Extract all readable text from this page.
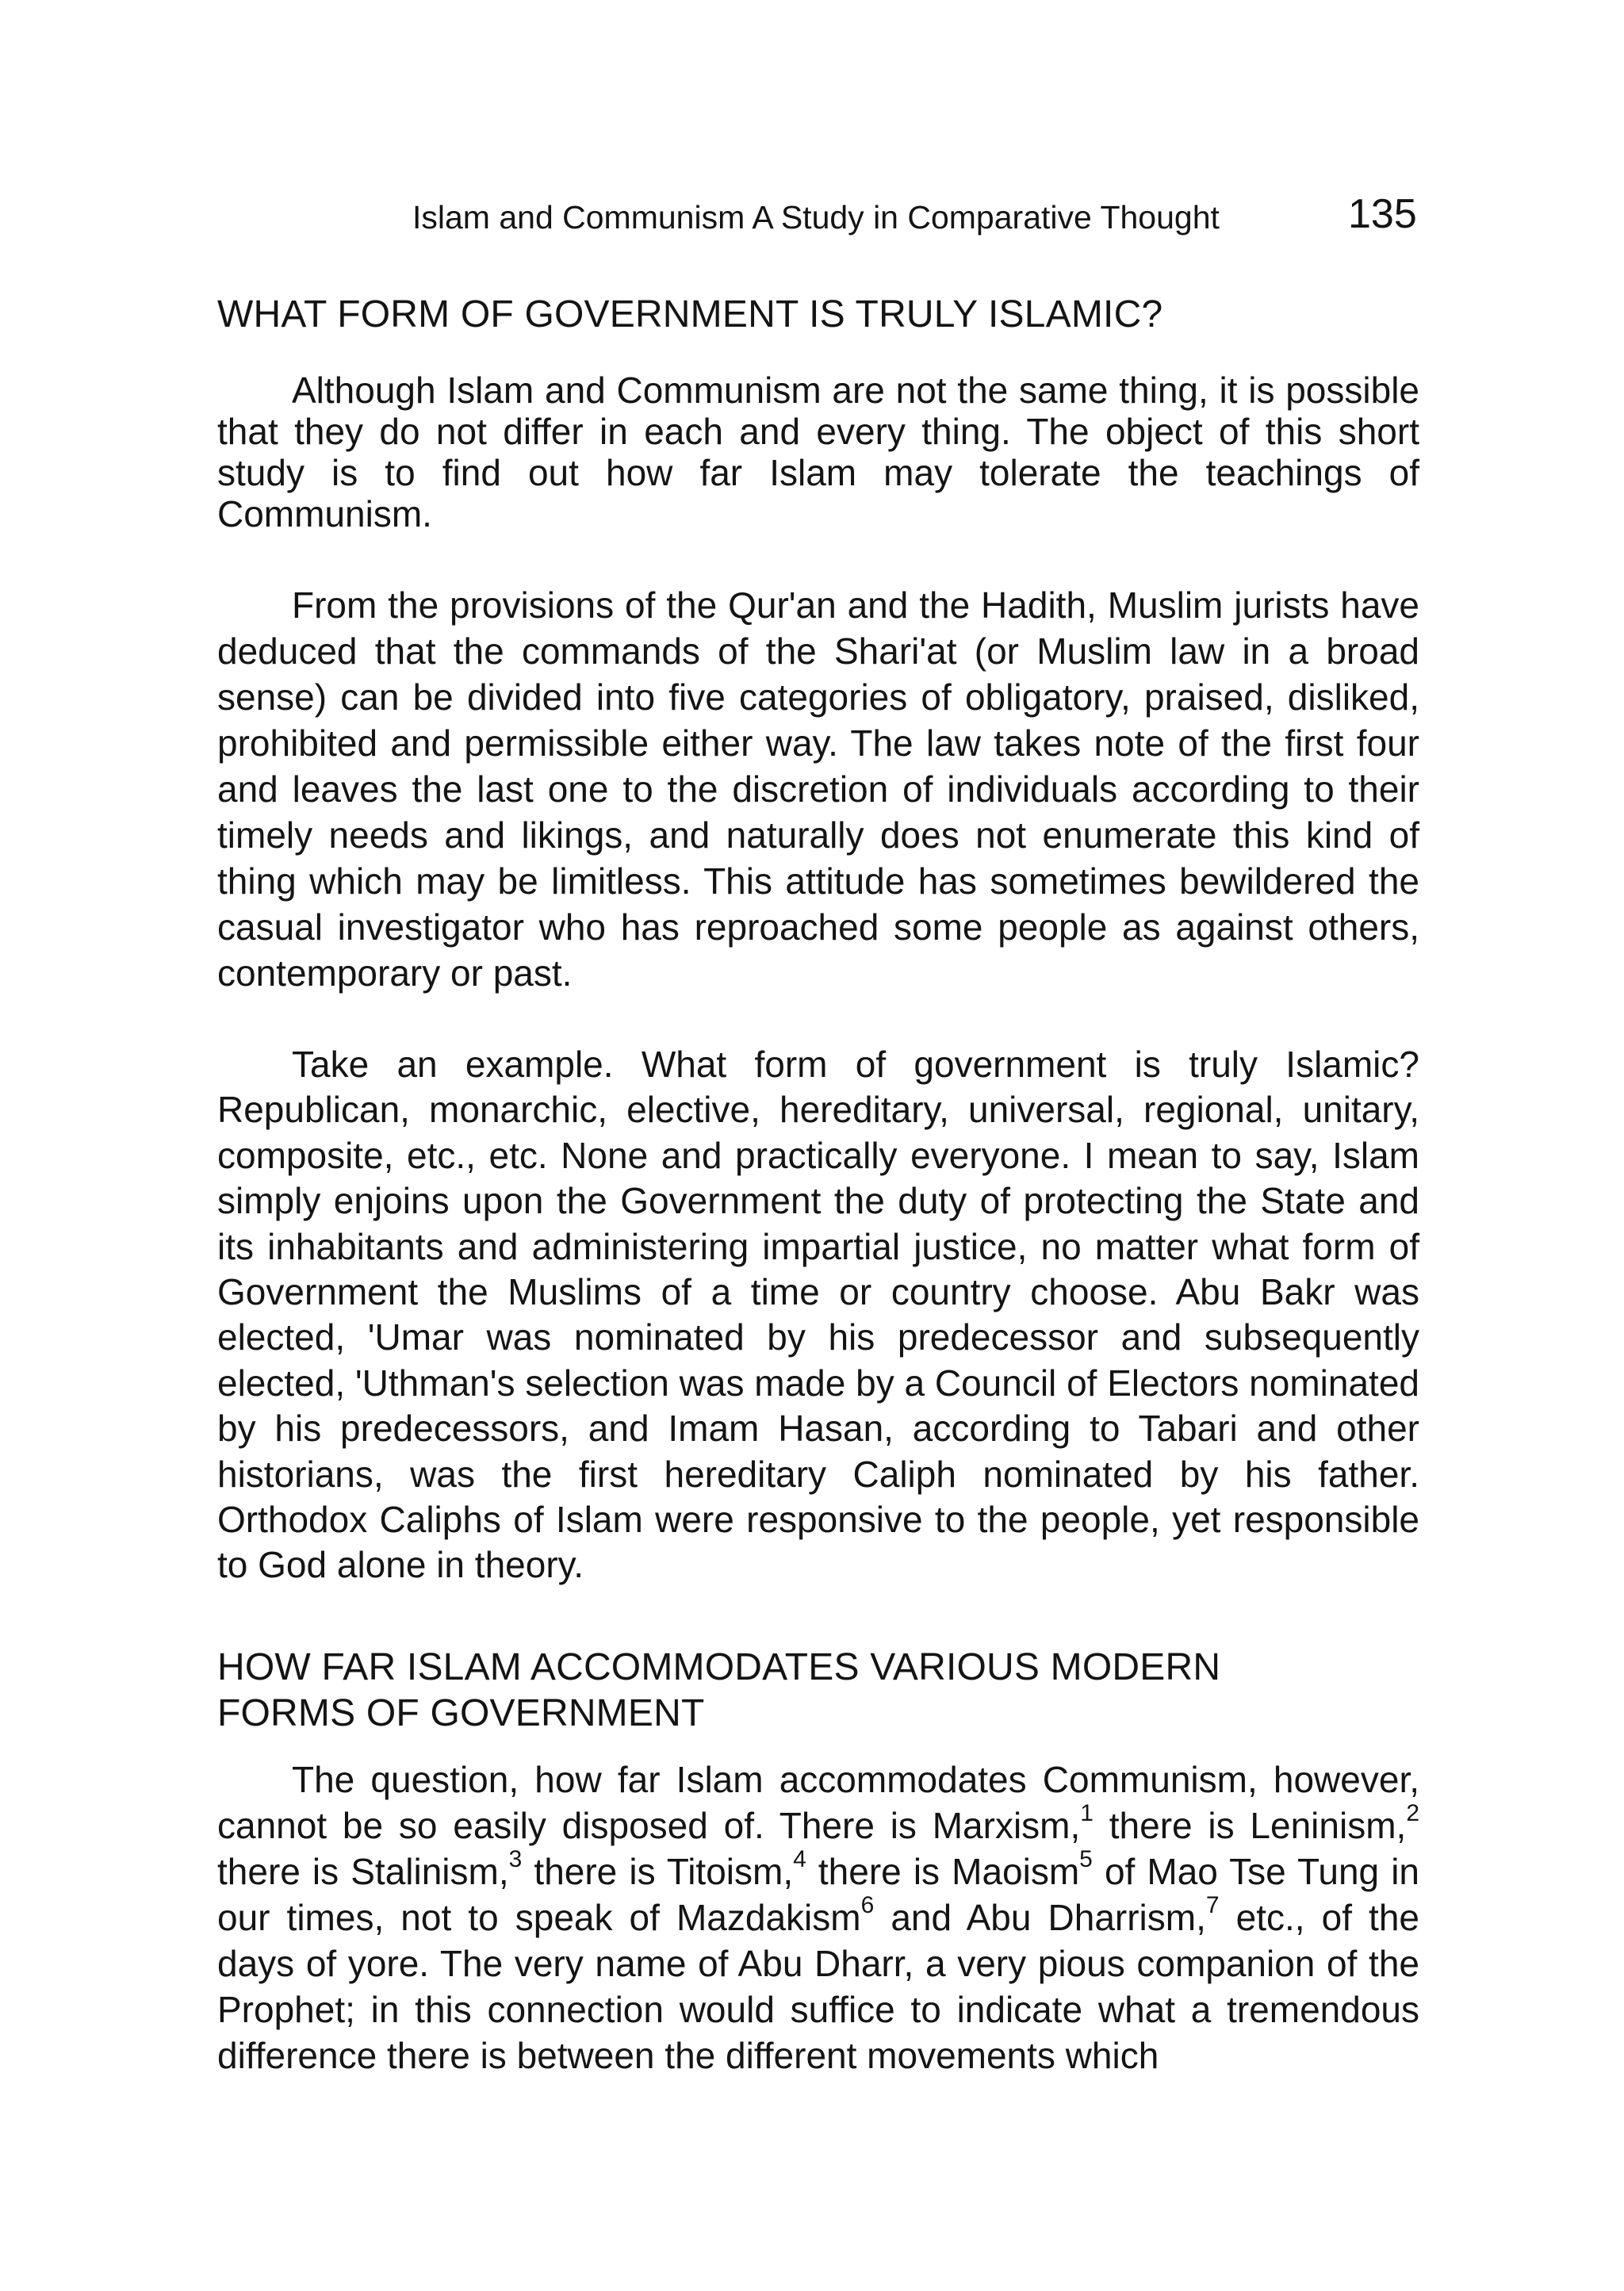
Islam and Communism A Study in Comparative Thought	135
WHAT FORM OF GOVERNMENT IS TRULY ISLAMIC?

Although Islam and Communism are not the same thing, it is possible that they do not differ in each and every thing. The object of this short study is to find out how far Islam may tolerate the teachings of Communism.

From the provisions of the Qur'an and the Hadith, Muslim jurists have deduced that the commands of the Shari'at (or Muslim law in a broad sense) can be divided into five categories of obligatory, praised, disliked, prohibited and permissible either way. The law takes note of the first four and leaves the last one to the discretion of individuals according to their timely needs and likings, and naturally does not enumerate this kind of thing which may be limitless. This attitude has sometimes bewildered the casual investigator who has reproached some people as against others, contemporary or past.

Take an example. What form of government is truly Islamic? Republican, monarchic, elective, hereditary, universal, regional, unitary, composite, etc., etc. None and practically everyone. I mean to say, Islam simply enjoins upon the Government the duty of protecting the State and its inhabitants and administering impartial justice, no matter what form of Government the Muslims of a time or country choose. Abu Bakr was elected, 'Umar was nominated by his predecessor and subsequently elected, 'Uthman's selection was made by a Council of Electors nominated by his predecessors, and Imam Hasan, according to Tabari and other historians, was the first hereditary Caliph nominated by his father. Orthodox Caliphs of Islam were responsive to the people, yet responsible to God alone in theory.

HOW FAR ISLAM ACCOMMODATES VARIOUS MODERN
FORMS OF GOVERNMENT

The question, how far Islam accommodates Communism, however, cannot be so easily disposed of. There is Marxism,$^1$ there is Leninism,$^2$ there is Stalinism,$^3$ there is Titoism,$^4$ there is Maoism$^5$ of Mao Tse Tung in our times, not to speak of Mazdakism$^6$ and Abu Dharrism,$^7$ etc., of the days of yore. The very name of Abu Dharr, a very pious companion of the Prophet; in this connection would suffice to indicate what a tremendous difference there is between the different movements which
